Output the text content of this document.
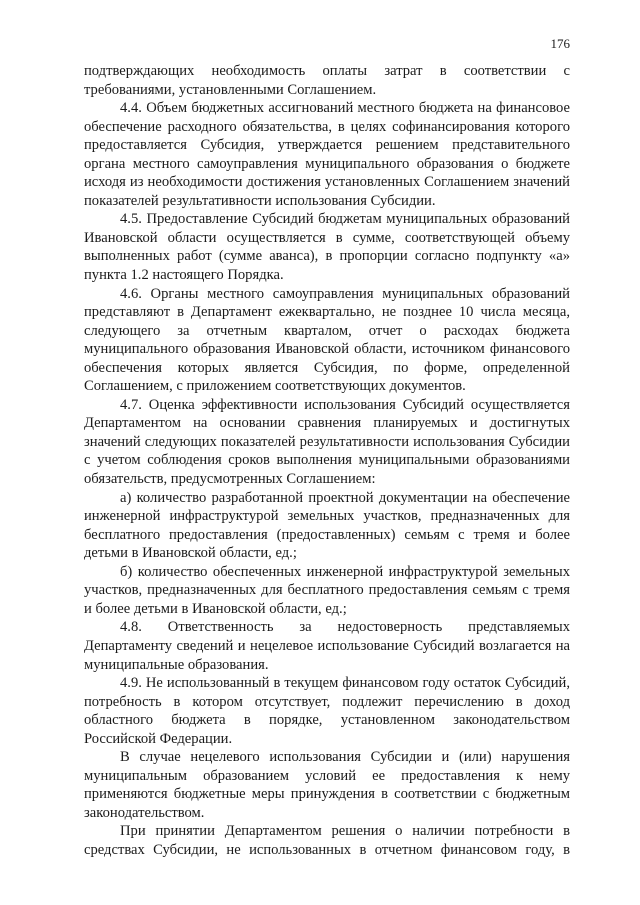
176

подтверждающих необходимость оплаты затрат в соответствии с требованиями, установленными Соглашением.

4.4. Объем бюджетных ассигнований местного бюджета на финансовое обеспечение расходного обязательства, в целях софинансирования которого предоставляется Субсидия, утверждается решением представительного органа местного самоуправления муниципального образования о бюджете исходя из необходимости достижения установленных Соглашением значений показателей результативности использования Субсидии.

4.5. Предоставление Субсидий бюджетам муниципальных образований Ивановской области осуществляется в сумме, соответствующей объему выполненных работ (сумме аванса), в пропорции согласно подпункту «а» пункта 1.2 настоящего Порядка.

4.6. Органы местного самоуправления муниципальных образований представляют в Департамент ежеквартально, не позднее 10 числа месяца, следующего за отчетным кварталом, отчет о расходах бюджета муниципального образования Ивановской области, источником финансового обеспечения которых является Субсидия, по форме, определенной Соглашением, с приложением соответствующих документов.

4.7. Оценка эффективности использования Субсидий осуществляется Департаментом на основании сравнения планируемых и достигнутых значений следующих показателей результативности использования Субсидии с учетом соблюдения сроков выполнения муниципальными образованиями обязательств, предусмотренных Соглашением:

а) количество разработанной проектной документации на обеспечение инженерной инфраструктурой земельных участков, предназначенных для бесплатного предоставления (предоставленных) семьям с тремя и более детьми в Ивановской области, ед.;

б) количество обеспеченных инженерной инфраструктурой земельных участков, предназначенных для бесплатного предоставления семьям с тремя и более детьми в Ивановской области, ед.;

4.8. Ответственность за недостоверность представляемых Департаменту сведений и нецелевое использование Субсидий возлагается на муниципальные образования.

4.9. Не использованный в текущем финансовом году остаток Субсидий, потребность в котором отсутствует, подлежит перечислению в доход областного бюджета в порядке, установленном законодательством Российской Федерации.

В случае нецелевого использования Субсидии и (или) нарушения муниципальным образованием условий ее предоставления к нему применяются бюджетные меры принуждения в соответствии с бюджетным законодательством.

При принятии Департаментом решения о наличии потребности в средствах Субсидии, не использованных в отчетном финансовом году, в
